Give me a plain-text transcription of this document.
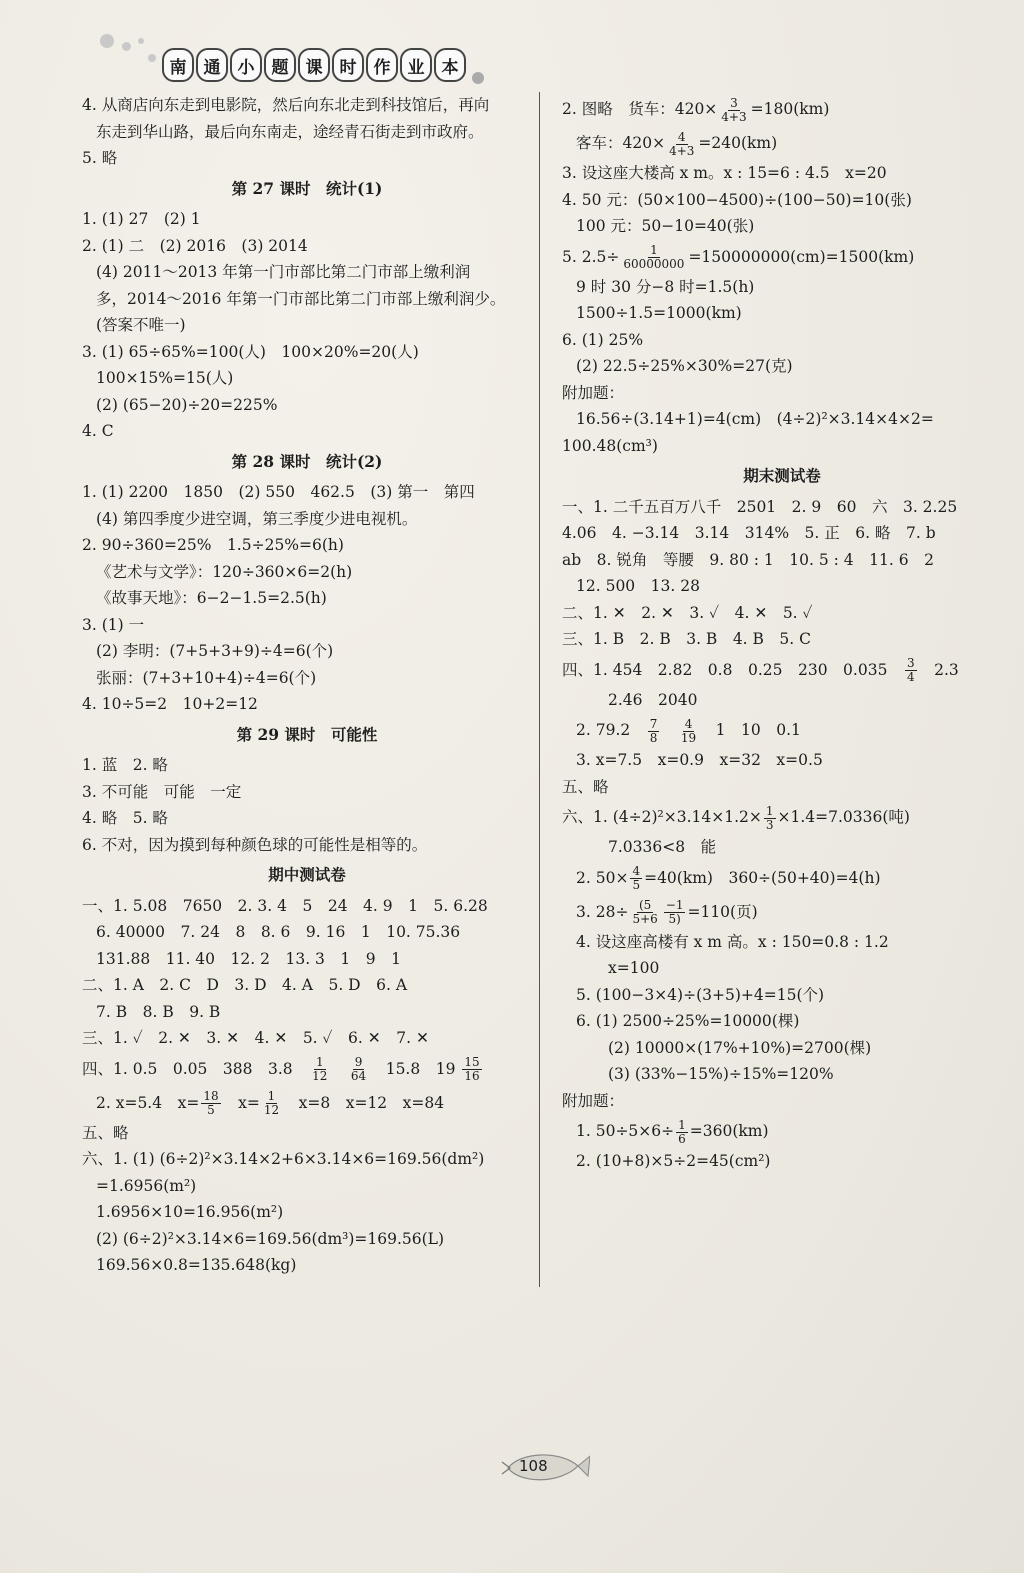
南	通	小	题	课	时	作	业	本
4. 从商店向东走到电影院，然后向东北走到科技馆后，再向
东走到华山路，最后向东南走，途经青石街走到市政府。
5. 略
第 27 课时　统计(1)
1. (1) 27　(2) 1
2. (1) 二　(2) 2016　(3) 2014
(4) 2011～2013 年第一门市部比第二门市部上缴利润
多，2014～2016 年第一门市部比第二门市部上缴利润少。
(答案不唯一)
3. (1) 65÷65%=100(人)　100×20%=20(人)
100×15%=15(人)
(2) (65−20)÷20=225%
4. C
第 28 课时　统计(2)
1. (1) 2200　1850　(2) 550　462.5　(3) 第一　第四
(4) 第四季度少进空调，第三季度少进电视机。
2. 90÷360=25%　1.5÷25%=6(h)
《艺术与文学》：120÷360×6=2(h)
《故事天地》：6−2−1.5=2.5(h)
3. (1) 一
(2) 李明：(7+5+3+9)÷4=6(个)
张丽：(7+3+10+4)÷4=6(个)
4. 10÷5=2　10+2=12
第 29 课时　可能性
1. 蓝　2. 略
3. 不可能　可能　一定
4. 略　5. 略
6. 不对，因为摸到每种颜色球的可能性是相等的。
期中测试卷
一、1. 5.08　7650　2. 3. 4　5　24　4. 9　1　5. 6.28
6. 40000　7. 24　8　8. 6　9. 16　1　10. 75.36
131.88　11. 40　12. 2　13. 3　1　9　1
二、1. A　2. C　D　3. D　4. A　5. D　6. A
7. B　8. B　9. B
三、1. ✓　2. ✕　3. ✕　4. ✕　5. ✓　6. ✕　7. ✕
四、1. 0.5　0.05　388　3.8　 $\frac{1}{12}$
　 $\frac{9}{64}$ 　15.8　$19 \frac{15}{16}$
2. x=5.4　$x= \frac{18}{5}$ 　$x= \frac{1}{12}$ 　x=8　x=12　x=84
五、略
六、1. (1) (6÷2)²×3.14×2+6×3.14×6=169.56(dm²)
=1.6956(m²)
1.6956×10=16.956(m²)
(2) (6÷2)²×3.14×6=169.56(dm³)=169.56(L)
169.56×0.8=135.648(kg)
2. 图略　货车：$420\times \frac{3}{4+3} =180(km)$
客车：$420\times \frac{4}{4+3} =240(km)$
3. 设这座大楼高 x m。x : 15=6 : 4.5　x=20
4. 50 元：(50×100−4500)÷(100−50)=10(张)
100 元：50−10=40(张)
5. $2.5\div \frac{1}{60000000} =150000000(cm)=1500(km)$
9 时 30 分−8 时=1.5(h)
1500÷1.5=1000(km)
6. (1) 25%
(2) 22.5÷25%×30%=27(克)
附加题：
16.56÷(3.14+1)=4(cm)　(4÷2)²×3.14×4×2=
100.48(cm³)
期末测试卷
一、1. 二千五百万八千　2501　2. 9　60　六　3. 2.25
4.06　4. −3.14　3.14　314%　5. 正　6. 略　7. b
ab　8. 锐角　等腰　9. 80 : 1　10. 5 : 4　11. 6　2
12. 500　13. 28
二、1. ✕　2. ✕　3. ✓　4. ✕　5. ✓
三、1. B　2. B　3. B　4. B　5. C
四、1. 454　2.82　0.8　0.25　230　0.035　 $\frac{3}{4}$ 　2.3
2.46　2040
2. 79.2　 $\frac{7}{8}$
　 $\frac{4}{19}$ 　1　10　0.1
3. x=7.5　x=0.9　x=32　x=0.5
五、略
六、1. $(4\div 2)^2\times 3.14\times 1.2\times \frac{1}{3} \times 1.4=7.0336$(吨)
7.0336<8　能
2. $50\times \frac{4}{5} =40(km)$　360÷(50+40)=4(h)
3. $28\div \frac{(5}{5+6} \frac{-1}{5)} =110$(页)
4. 设这座高楼有 x m 高。x : 150=0.8 : 1.2
x=100
5. (100−3×4)÷(3+5)+4=15(个)
6. (1) 2500÷25%=10000(棵)
(2) 10000×(17%+10%)=2700(棵)
(3) (33%−15%)÷15%=120%
附加题：
1. $50\div 5\times 6\div \frac{1}{6} =360(km)$
2. (10+8)×5÷2=45(cm²)
108
